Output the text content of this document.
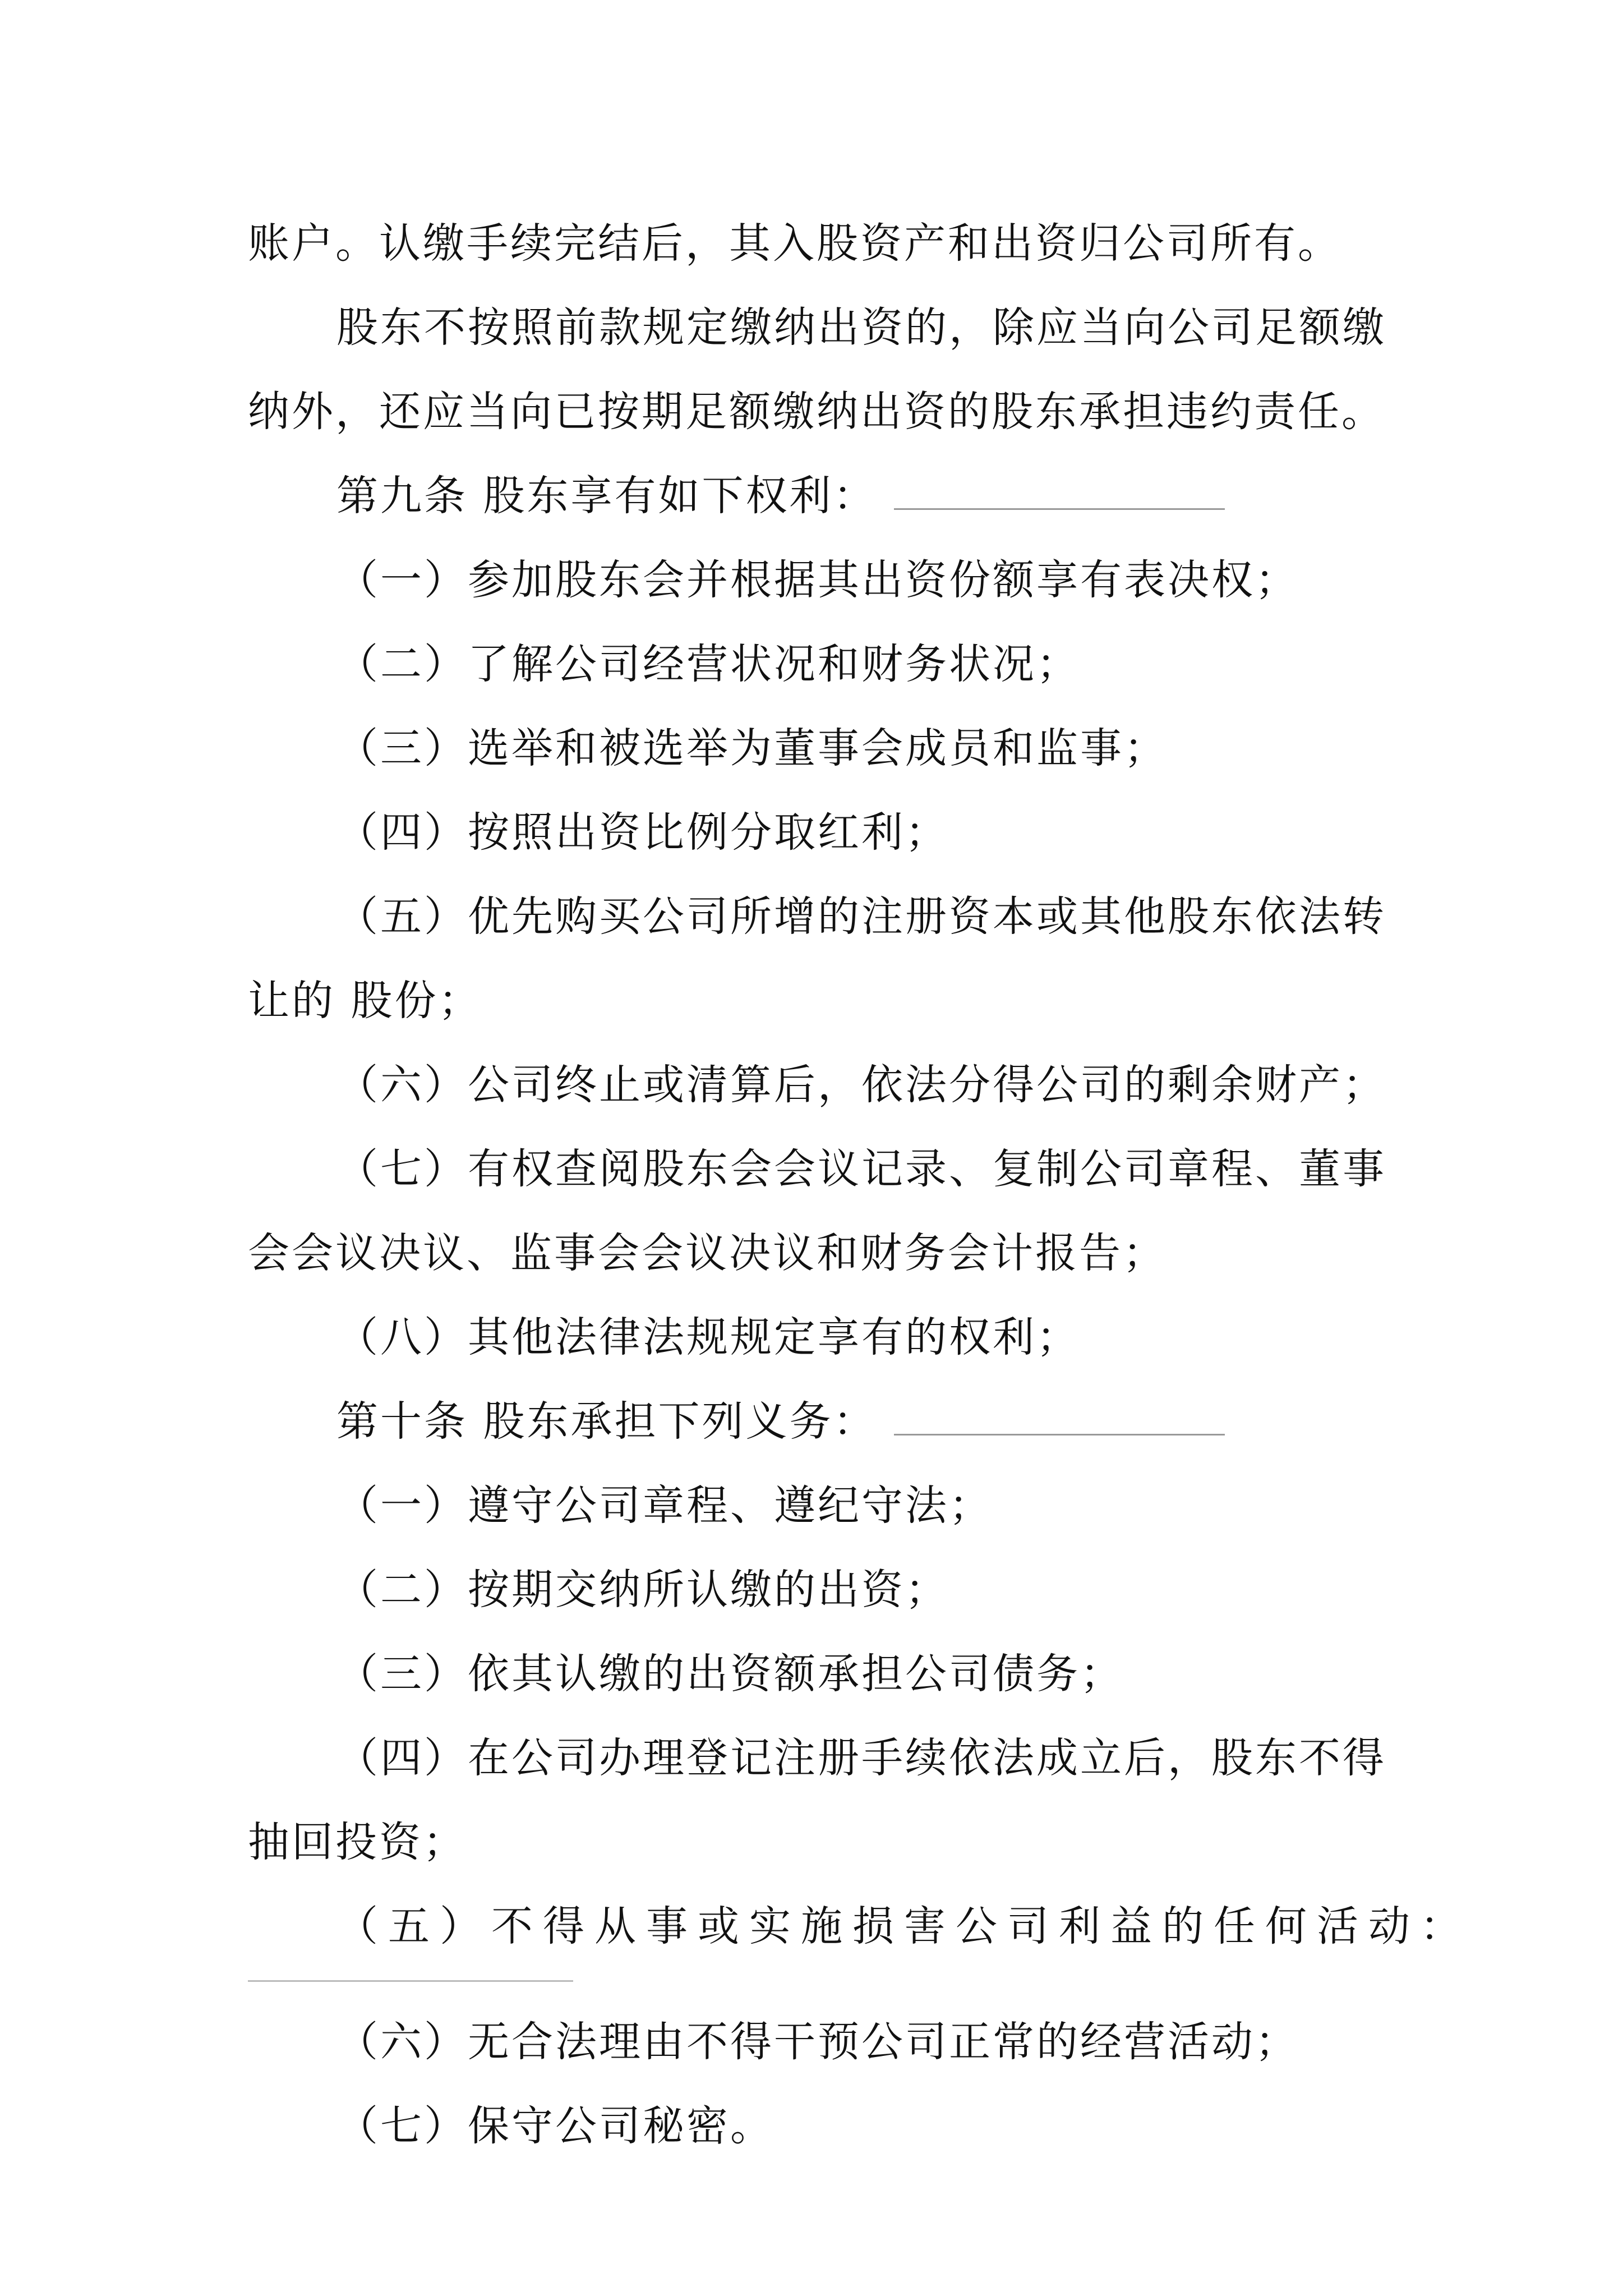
账户。认缴手续完结后，其入股资产和出资归公司所有。
股东不按照前款规定缴纳出资的，除应当向公司足额缴
纳外，还应当向已按期足额缴纳出资的股东承担违约责任。
第九条 股东享有如下权利：
（一）参加股东会并根据其出资份额享有表决权；
（二）了解公司经营状况和财务状况；
（三）选举和被选举为董事会成员和监事；
（四）按照出资比例分取红利；
（五）优先购买公司所增的注册资本或其他股东依法转
让的 股份；
（六）公司终止或清算后，依法分得公司的剩余财产；
（七）有权查阅股东会会议记录、复制公司章程、董事
会会议决议、监事会会议决议和财务会计报告；
（八）其他法律法规规定享有的权利；
第十条 股东承担下列义务：
（一）遵守公司章程、遵纪守法；
（二）按期交纳所认缴的出资；
（三）依其认缴的出资额承担公司债务；
（四）在公司办理登记注册手续依法成立后，股东不得
抽回投资；
（五）不得从事或实施损害公司利益的任何活动：
（六）无合法理由不得干预公司正常的经营活动；
（七）保守公司秘密。
